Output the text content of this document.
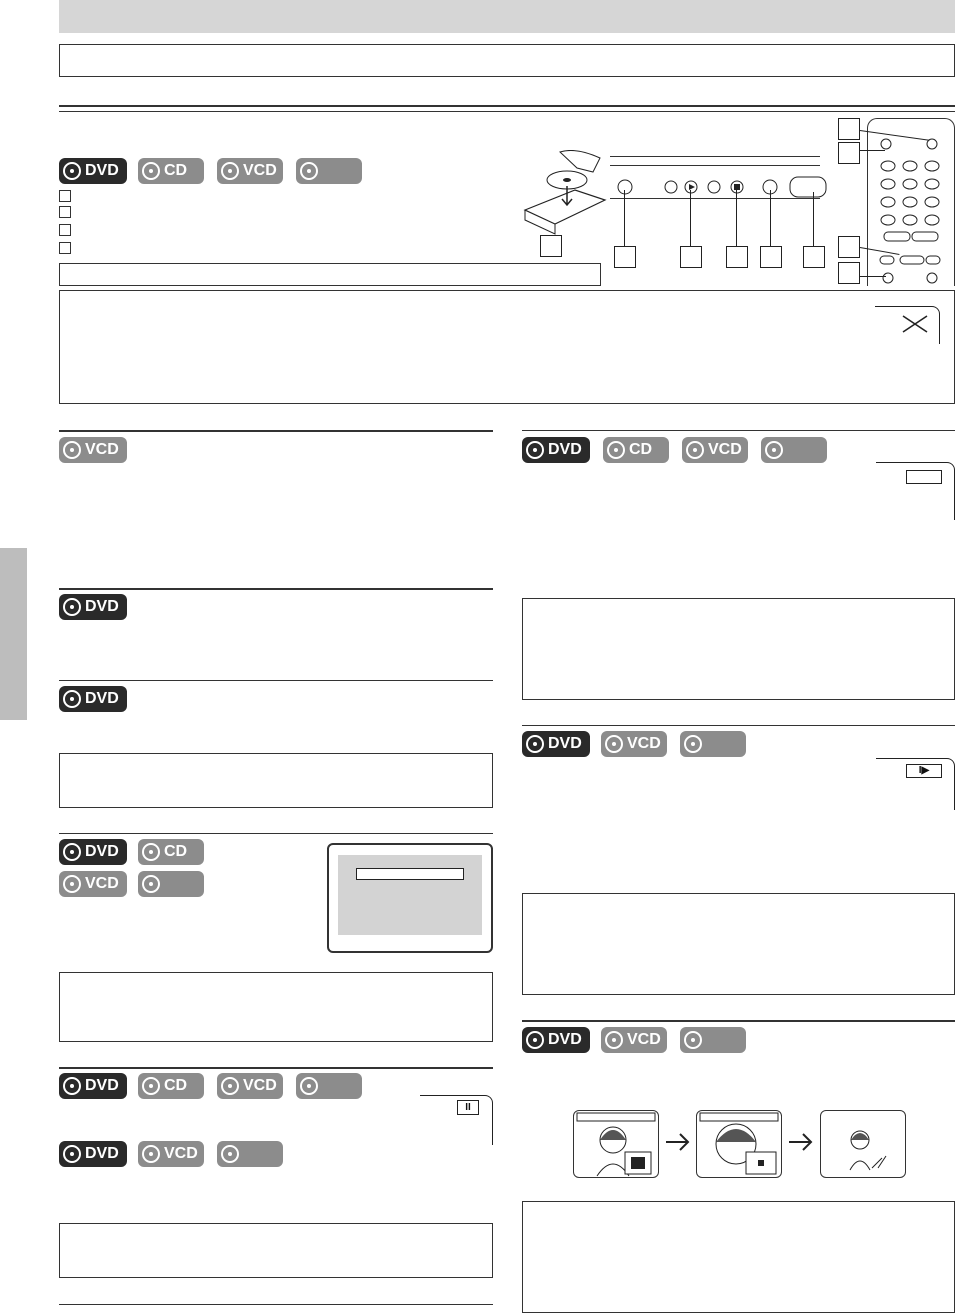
DVD	CD	VCD
VCD
DVD
DVD
DVD	CD
VCD
DVD	CD	VCD
II
DVD	VCD
DVD	CD	VCD
DVD	VCD
I▶
DVD	VCD
